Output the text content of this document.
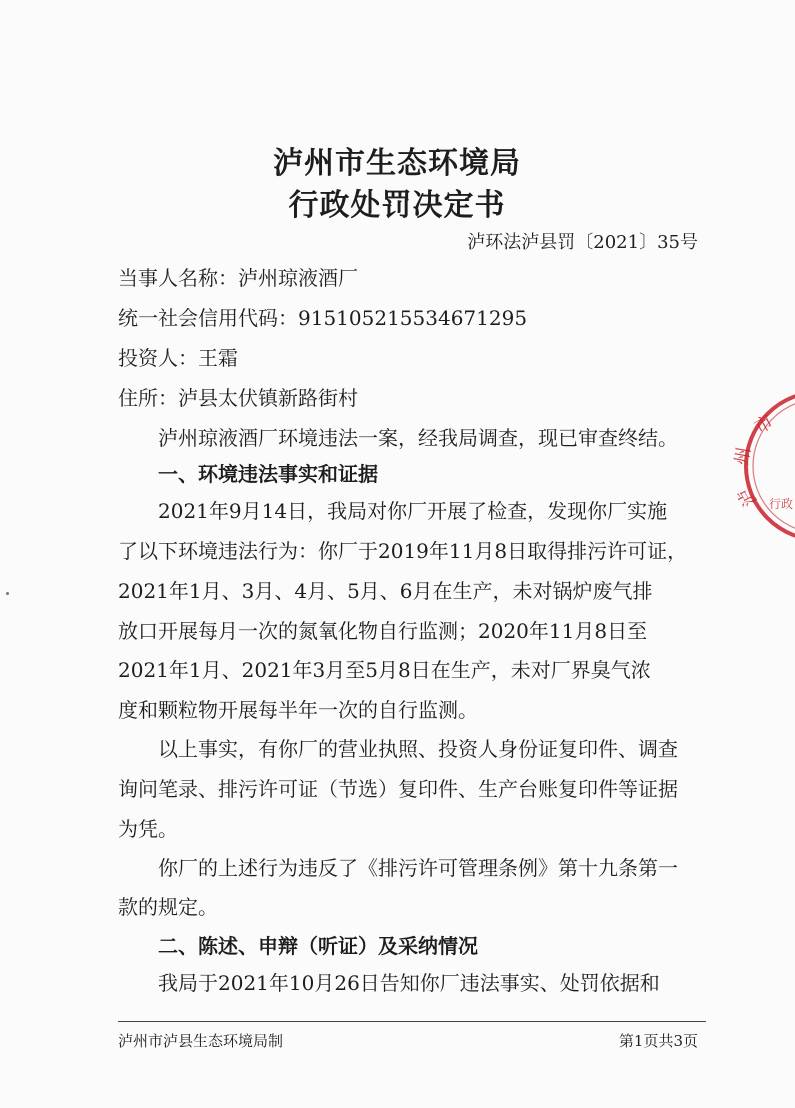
泸州市生态环境局
行政处罚决定书
泸环法泸县罚〔2021〕35号
当事人名称：泸州琼液酒厂
统一社会信用代码：915105215534671295
投资人：王霜
住所：泸县太伏镇新路街村
泸州琼液酒厂环境违法一案，经我局调查，现已审查终结。
一、环境违法事实和证据
2021年9月14日，我局对你厂开展了检查，发现你厂实施
了以下环境违法行为：你厂于2019年11月8日取得排污许可证，
2021年1月、3月、4月、5月、6月在生产，未对锅炉废气排
放口开展每月一次的氮氧化物自行监测；2020年11月8日至
2021年1月、2021年3月至5月8日在生产，未对厂界臭气浓
度和颗粒物开展每半年一次的自行监测。
以上事实，有你厂的营业执照、投资人身份证复印件、调查
询问笔录、排污许可证（节选）复印件、生产台账复印件等证据
为凭。
你厂的上述行为违反了《排污许可管理条例》第十九条第一
款的规定。
二、陈述、申辩（听证）及采纳情况
我局于2021年10月26日告知你厂违法事实、处罚依据和
市
州
泸 行政
泸州市泸县生态环境局制	第1页共3页
